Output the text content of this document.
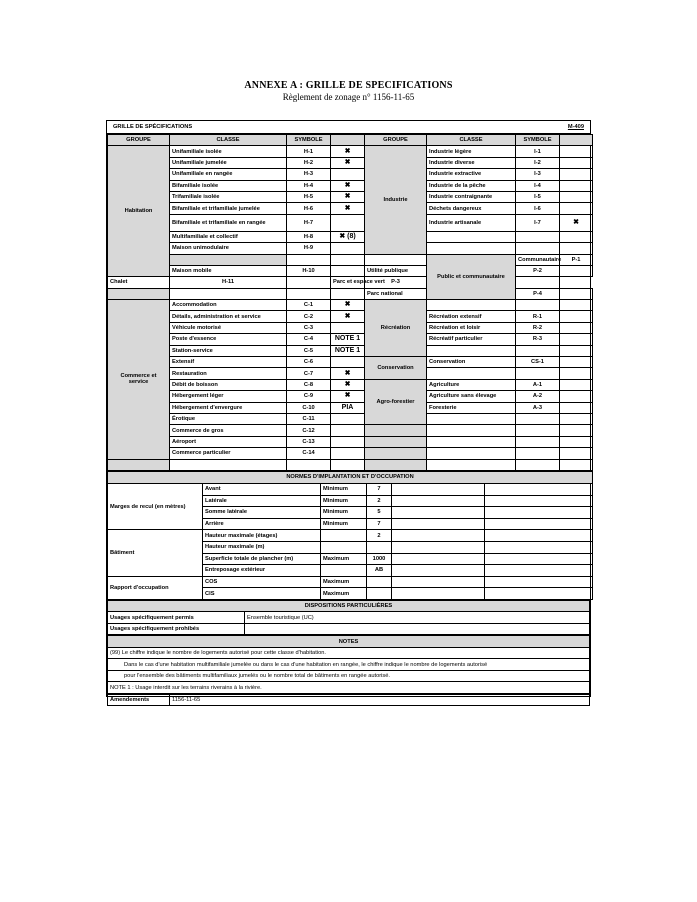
ANNEXE A : GRILLE DE SPECIFICATIONS
Règlement de zonage n° 1156-11-65
GRILLE DE SPÉCIFICATIONS	M-409
GROUPE	CLASSE	SYMBOLE		GROUPE	CLASSE	SYMBOLE		
Habitation	Unifamiliale isolée	H-1	✖	Industrie	Industrie légère	I-1		
	Unifamiliale jumelée	H-2	✖		Industrie diverse	I-2		
	Unifamiliale en rangée	H-3			Industrie extractive	I-3		
	Bifamiliale isolée	H-4	✖		Industrie de la pêche	I-4		
	Trifamiliale isolée	H-5	✖		Industrie contraignante	I-5		
	Bifamiliale et trifamiliale jumelée	H-6	✖		Déchets dangereux	I-6		
	Bifamiliale et trifamiliale en rangée	H-7			Industrie artisanale	I-7	✖	
	Multifamiliale et collectif	H-8	✖ (8)					
	Maison unimodulaire	H-9						
					Public et communautaire	Communautaire	P-1	
	Maison mobile	H-10		Utilité publique		P-2		
Chalet	H-11		Parc et espace vert	P-3				
				Parc national		P-4		
Commerce et service	Accommodation	C-1	✖	Récréation				
	Détails, administration et service	C-2	✖		Récréation extensif	R-1		
	Véhicule motorisé	C-3			Récréation et loisir	R-2		
	Poste d'essence	C-4	NOTE 1		Récréatif particulier	R-3		
	Station-service	C-5	NOTE 1					
	Extensif	C-6		Conservation	Conservation	CS-1		
	Restauration	C-7	✖					
	Débit de boisson	C-8	✖	Agro-forestier	Agriculture	A-1		
	Hébergement léger	C-9	✖		Agriculture sans élevage	A-2		
	Hébergement d'envergure	C-10	PIA		Foresterie	A-3		
	Érotique	C-11						
	Commerce de gros	C-12						
	Aéroport	C-13						
	Commerce particulier	C-14						

NORMES D'IMPLANTATION ET D'OCCUPATION					
Marges de recul (en mètres)	Avant	Minimum	7		
	Latérale	Minimum	2		
	Somme latérale	Minimum	5		
	Arrière	Minimum	7		
Bâtiment	Hauteur maximale (étages)		2		
	Hauteur maximale (m)				
	Superficie totale de plancher (m)	Maximum	1000		
	Entreposage extérieur		AB		
Rapport d'occupation	COS	Maximum			
	CIS	Maximum			
DISPOSITIONS PARTICULIÈRES	
Usages spécifiquement permis	Ensemble touristique (UC)
Usages spécifiquement prohibés	
NOTES
(99) Le chiffre indique le nombre de logements autorisé pour cette classe d'habitation.
Dans le cas d'une habitation multifamiliale jumelée ou dans le cas d'une habitation en rangée, le chiffre indique le nombre de logements autorisé
pour l'ensemble des bâtiments multifamiliaux jumelés ou le nombre total de bâtiments en rangée autorisé.
NOTE 1 : Usage interdit sur les terrains riverains à la rivière.
Amendements	1156-11-65
